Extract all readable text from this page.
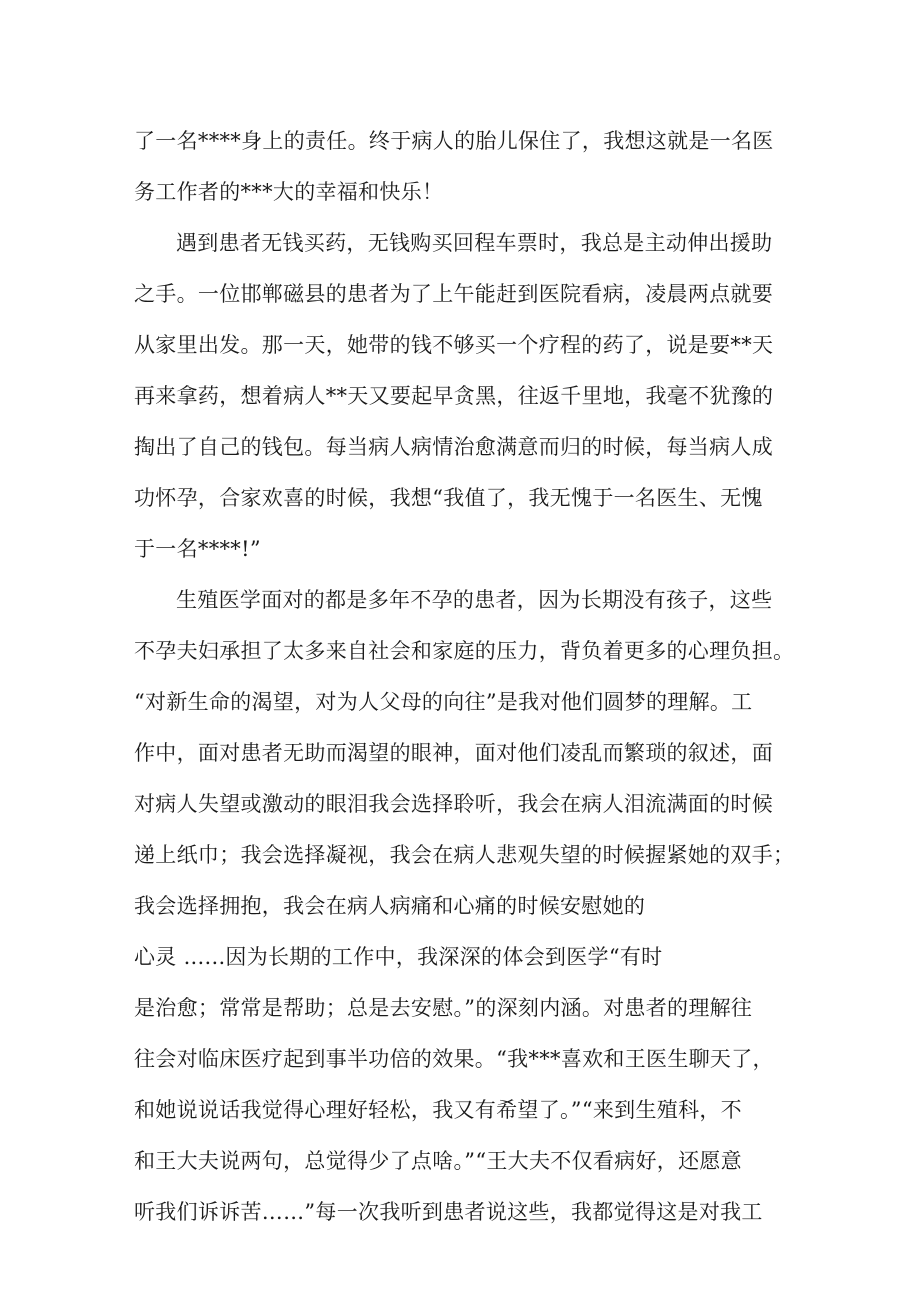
了一名****身上的责任。终于病人的胎儿保住了，我想这就是一名医
务工作者的***大的幸福和快乐！
遇到患者无钱买药，无钱购买回程车票时，我总是主动伸出援助
之手。一位邯郸磁县的患者为了上午能赶到医院看病，凌晨两点就要
从家里出发。那一天，她带的钱不够买一个疗程的药了，说是要**天
再来拿药，想着病人**天又要起早贪黑，往返千里地，我毫不犹豫的
掏出了自己的钱包。每当病人病情治愈满意而归的时候，每当病人成
功怀孕，合家欢喜的时候，我想“我值了，我无愧于一名医生、无愧
于一名****!”
生殖医学面对的都是多年不孕的患者，因为长期没有孩子，这些
不孕夫妇承担了太多来自社会和家庭的压力，背负着更多的心理负担。
“对新生命的渴望，对为人父母的向往”是我对他们圆梦的理解。工
作中，面对患者无助而渴望的眼神，面对他们凌乱而繁琐的叙述，面
对病人失望或激动的眼泪我会选择聆听，我会在病人泪流满面的时候
递上纸巾；我会选择凝视，我会在病人悲观失望的时候握紧她的双手；
我会选择拥抱，我会在病人病痛和心痛的时候安慰她的
心灵 ......因为长期的工作中，我深深的体会到医学“有时
是治愈；常常是帮助；总是去安慰。”的深刻内涵。对患者的理解往
往会对临床医疗起到事半功倍的效果。“我***喜欢和王医生聊天了，
和她说说话我觉得心理好轻松，我又有希望了。”“来到生殖科，不
和王大夫说两句，总觉得少了点啥。”“王大夫不仅看病好，还愿意
听我们诉诉苦……”每一次我听到患者说这些，我都觉得这是对我工
